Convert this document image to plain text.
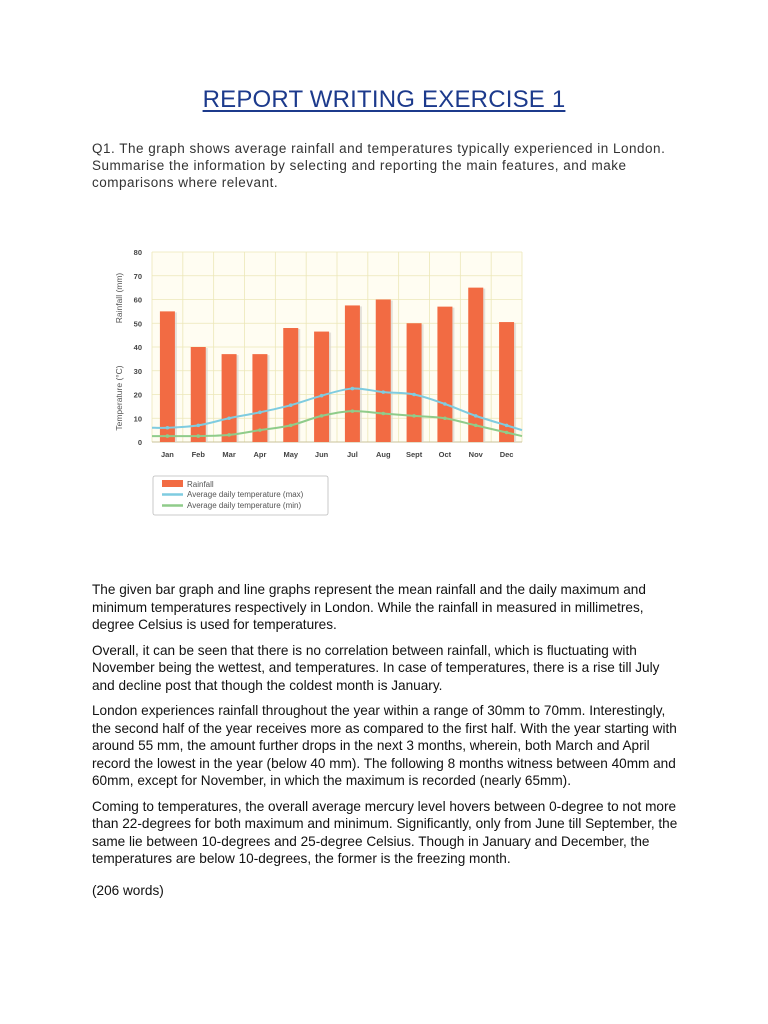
REPORT WRITING EXERCISE 1

Q1. The graph shows average rainfall and temperatures typically experienced in London.

Summarise the information by selecting and reporting the main features, and make comparisons where relevant.

0
10
20
30
40
50
60
70
80
Jan Feb Mar Apr May Jun Jul Aug Sept Oct Nov Dec
Rainfall (mm)
Temperature (°C)
Rainfall
Average daily temperature (max)
Average daily temperature (min)

The given bar graph and line graphs represent the mean rainfall and the daily maximum and minimum temperatures respectively in London. While the rainfall in measured in millimetres, degree Celsius is used for temperatures.

Overall, it can be seen that there is no correlation between rainfall, which is fluctuating with November being the wettest, and temperatures. In case of temperatures, there is a rise till July and decline post that though the coldest month is January.

London experiences rainfall throughout the year within a range of 30mm to 70mm. Interestingly, the second half of the year receives more as compared to the first half. With the year starting with around 55 mm, the amount further drops in the next 3 months, wherein, both March and April record the lowest in the year (below 40 mm). The following 8 months witness between 40mm and 60mm, except for November, in which the maximum is recorded (nearly 65mm).

Coming to temperatures, the overall average mercury level hovers between 0-degree to not more than 22-degrees for both maximum and minimum. Significantly, only from June till September, the same lie between 10-degrees and 25-degree Celsius. Though in January and December, the temperatures are below 10-degrees, the former is the freezing month.

(206 words)
